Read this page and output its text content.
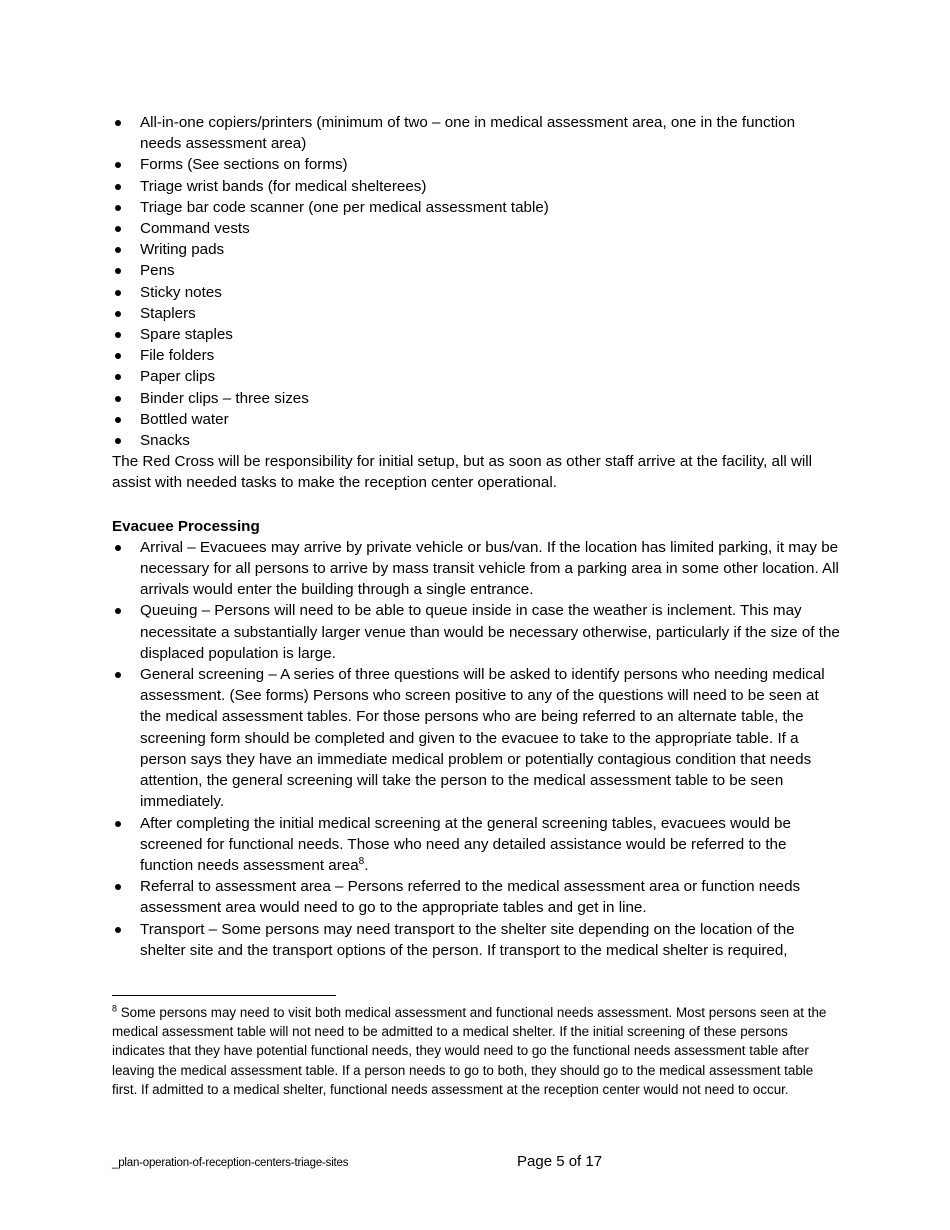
All-in-one copiers/printers (minimum of two – one in medical assessment area, one in the function needs assessment area)
Forms (See sections on forms)
Triage wrist bands (for medical shelterees)
Triage bar code scanner (one per medical assessment table)
Command vests
Writing pads
Pens
Sticky notes
Staplers
Spare staples
File folders
Paper clips
Binder clips – three sizes
Bottled water
Snacks

The Red Cross will be responsibility for initial setup, but as soon as other staff arrive at the facility, all will assist with needed tasks to make the reception center operational.

Evacuee Processing
Arrival – Evacuees may arrive by private vehicle or bus/van. If the location has limited parking, it may be necessary for all persons to arrive by mass transit vehicle from a parking area in some other location. All arrivals would enter the building through a single entrance.
Queuing – Persons will need to be able to queue inside in case the weather is inclement. This may necessitate a substantially larger venue than would be necessary otherwise, particularly if the size of the displaced population is large.
General screening – A series of three questions will be asked to identify persons who needing medical assessment. (See forms) Persons who screen positive to any of the questions will need to be seen at the medical assessment tables. For those persons who are being referred to an alternate table, the screening form should be completed and given to the evacuee to take to the appropriate table. If a person says they have an immediate medical problem or potentially contagious condition that needs attention, the general screening will take the person to the medical assessment table to be seen immediately.
After completing the initial medical screening at the general screening tables, evacuees would be screened for functional needs. Those who need any detailed assistance would be referred to the function needs assessment area$^8$.
Referral to assessment area – Persons referred to the medical assessment area or function needs assessment area would need to go to the appropriate tables and get in line.
Transport – Some persons may need transport to the shelter site depending on the location of the shelter site and the transport options of the person. If transport to the medical shelter is required,
$^8$ Some persons may need to visit both medical assessment and functional needs assessment. Most persons seen at the medical assessment table will not need to be admitted to a medical shelter. If the initial screening of these persons indicates that they have potential functional needs, they would need to go the functional needs assessment table after leaving the medical assessment table. If a person needs to go to both, they should go to the medical assessment table first. If admitted to a medical shelter, functional needs assessment at the reception center would not need to occur.
_plan-operation-of-reception-centers-triage-sites	Page 5 of 17
